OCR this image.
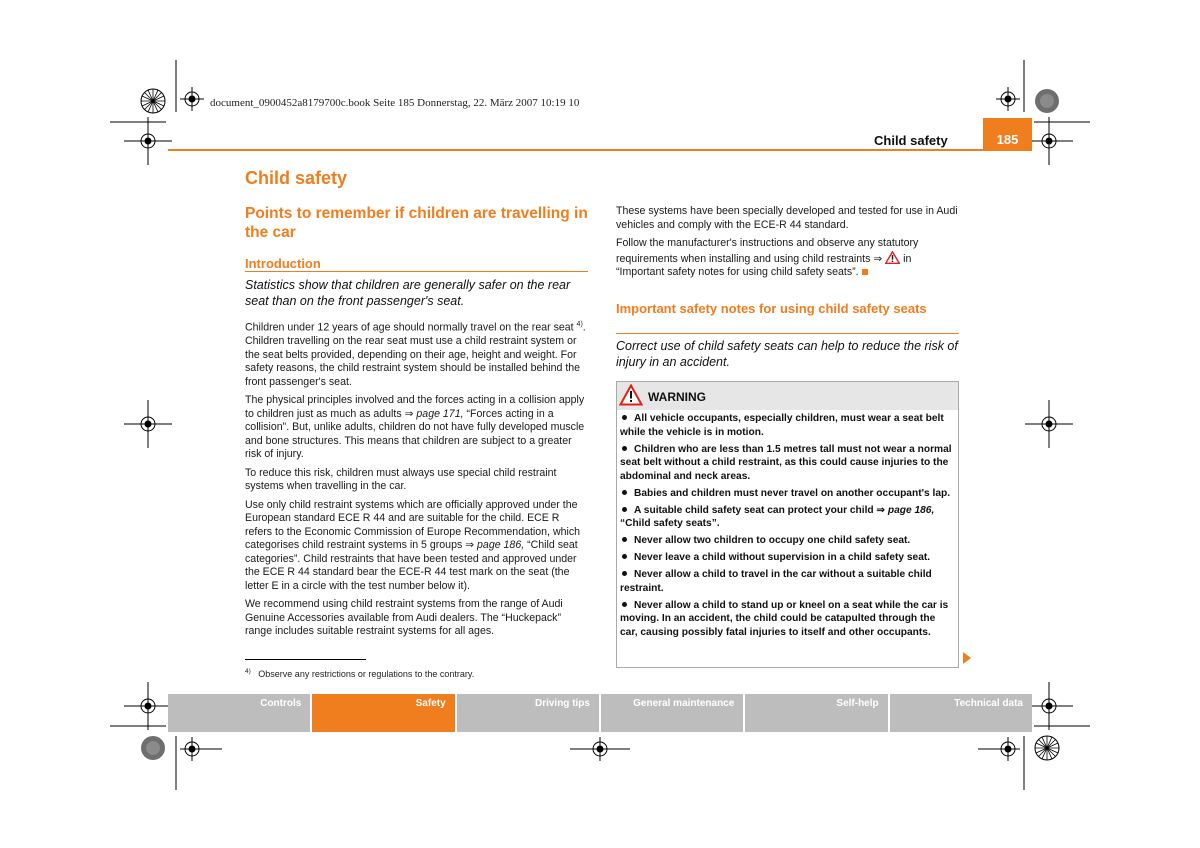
document_0900452a8179700c.book Seite 185 Donnerstag, 22. März 2007 10:19 10
Child safety	185
Child safety
Points to remember if children are travelling in the car
Introduction
Statistics show that children are generally safer on the rear seat than on the front passenger's seat.

Children under 12 years of age should normally travel on the rear seat $^{4)}$. Children travelling on the rear seat must use a child restraint system or the seat belts provided, depending on their age, height and weight. For safety reasons, the child restraint system should be installed behind the front passenger's seat.

The physical principles involved and the forces acting in a collision apply to children just as much as adults ⇒ page 171, “Forces acting in a collision”. But, unlike adults, children do not have fully developed muscle and bone structures. This means that children are subject to a greater risk of injury.

To reduce this risk, children must always use special child restraint systems when travelling in the car.

Use only child restraint systems which are officially approved under the European standard ECE R 44 and are suitable for the child. ECE R refers to the Economic Commission of Europe Recommendation, which categorises child restraint systems in 5 groups ⇒ page 186, “Child seat categories”. Child restraints that have been tested and approved under the ECE R 44 standard bear the ECE-R 44 test mark on the seat (the letter E in a circle with the test number below it).

We recommend using child restraint systems from the range of Audi Genuine Accessories available from Audi dealers. The “Huckepack” range includes suitable restraint systems for all ages.

$^{4)}$ Observe any restrictions or regulations to the contrary.

These systems have been specially developed and tested for use in Audi vehicles and comply with the ECE-R 44 standard.

Follow the manufacturer's instructions and observe any statutory requirements when installing and using child restraints ⇒  in “Important safety notes for using child safety seats”.

Important safety notes for using child safety seats
Correct use of child safety seats can help to reduce the risk of injury in an accident.
WARNING
All vehicle occupants, especially children, must wear a seat belt while the vehicle is in motion.
Children who are less than 1.5 metres tall must not wear a normal seat belt without a child restraint, as this could cause injuries to the abdominal and neck areas.
Babies and children must never travel on another occupant's lap.
A suitable child safety seat can protect your child ⇒ page 186,
“Child safety seats”.
Never allow two children to occupy one child safety seat.
Never leave a child without supervision in a child safety seat.
Never allow a child to travel in the car without a suitable child restraint.
Never allow a child to stand up or kneel on a seat while the car is moving. In an accident, the child could be catapulted through the car, causing possibly fatal injuries to itself and other occupants.
Controls	Safety	Driving tips	General maintenance	Self-help	Technical data
